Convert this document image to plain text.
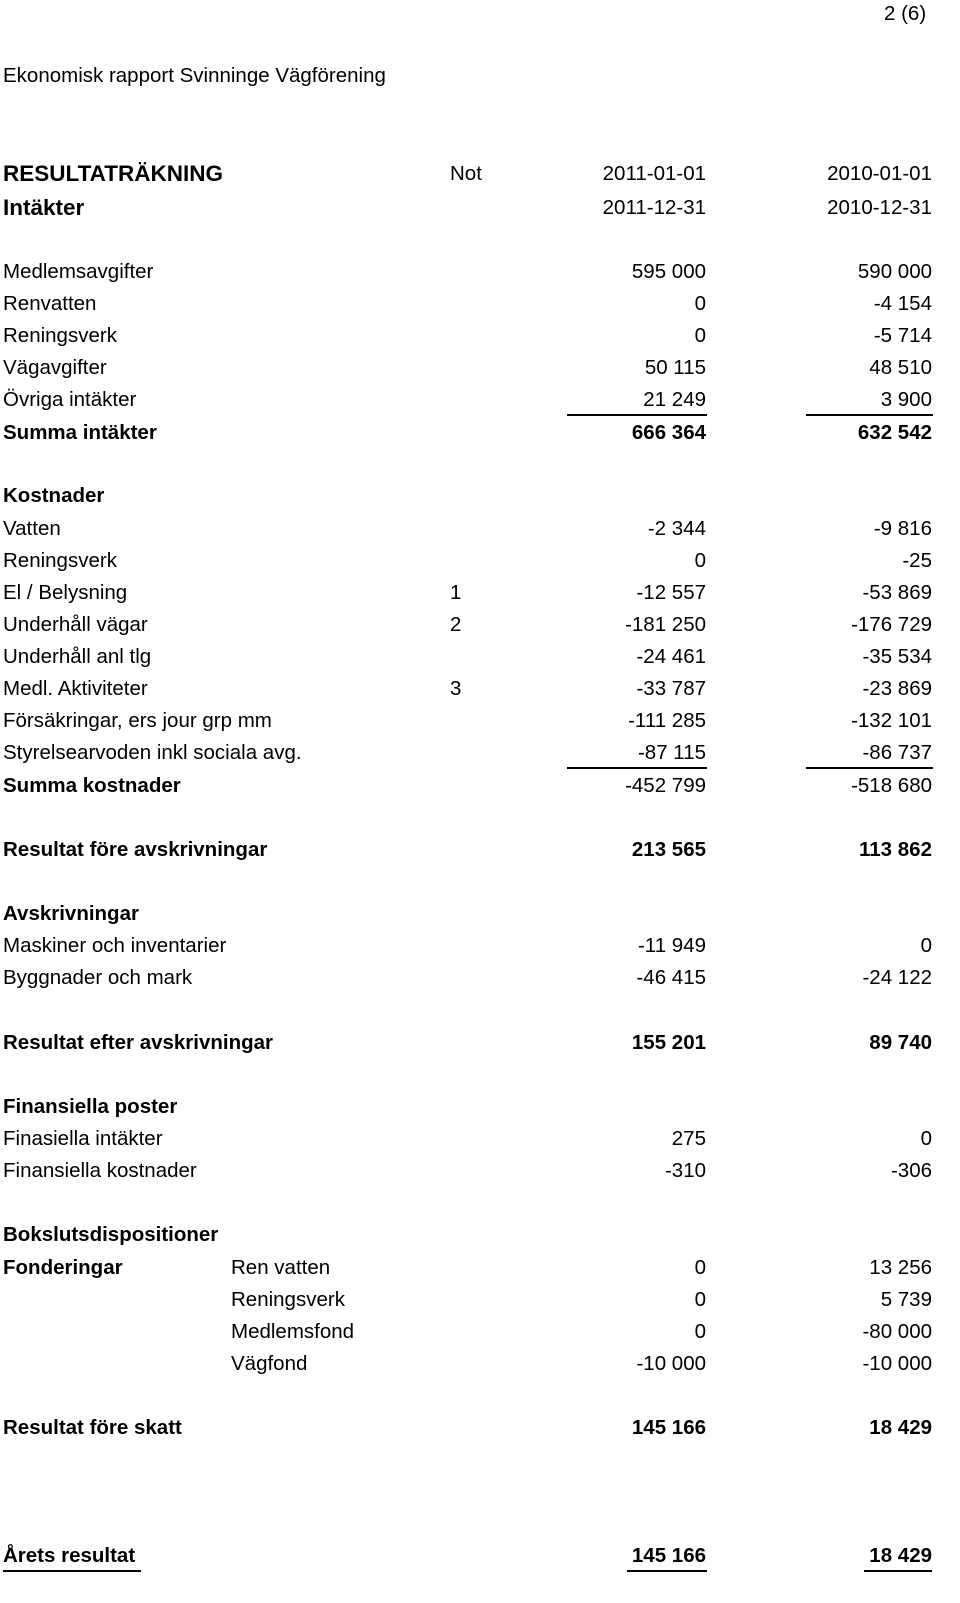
2 (6)
Ekonomisk rapport Svinninge Vägförening
RESULTATRÄKNING	Not	2011-01-01	2010-01-01
Intäkter	2011-12-31	2010-12-31
Medlemsavgifter	595 000	590 000
Renvatten	0	-4 154
Reningsverk	0	-5 714
Vägavgifter	50 115	48 510
Övriga intäkter	21 249	3 900
Summa intäkter	666 364	632 542
Kostnader
Vatten	-2 344	-9 816
Reningsverk	0	-25
El / Belysning	1	-12 557	-53 869
Underhåll vägar	2	-181 250	-176 729
Underhåll anl tlg	-24 461	-35 534
Medl. Aktiviteter	3	-33 787	-23 869
Försäkringar, ers jour grp mm	-111 285	-132 101
Styrelsearvoden inkl sociala avg.	-87 115	-86 737
Summa kostnader	-452 799	-518 680
Resultat före avskrivningar	213 565	113 862
Avskrivningar
Maskiner och inventarier	-11 949	0
Byggnader och mark	-46 415	-24 122
Resultat efter avskrivningar	155 201	89 740
Finansiella poster
Finasiella intäkter	275	0
Finansiella kostnader	-310	-306
Bokslutsdispositioner
Fonderingar	Ren vatten	0	13 256
Reningsverk	0	5 739
Medlemsfond	0	-80 000
Vägfond	-10 000	-10 000
Resultat före skatt	145 166	18 429
Årets resultat	145 166	18 429
